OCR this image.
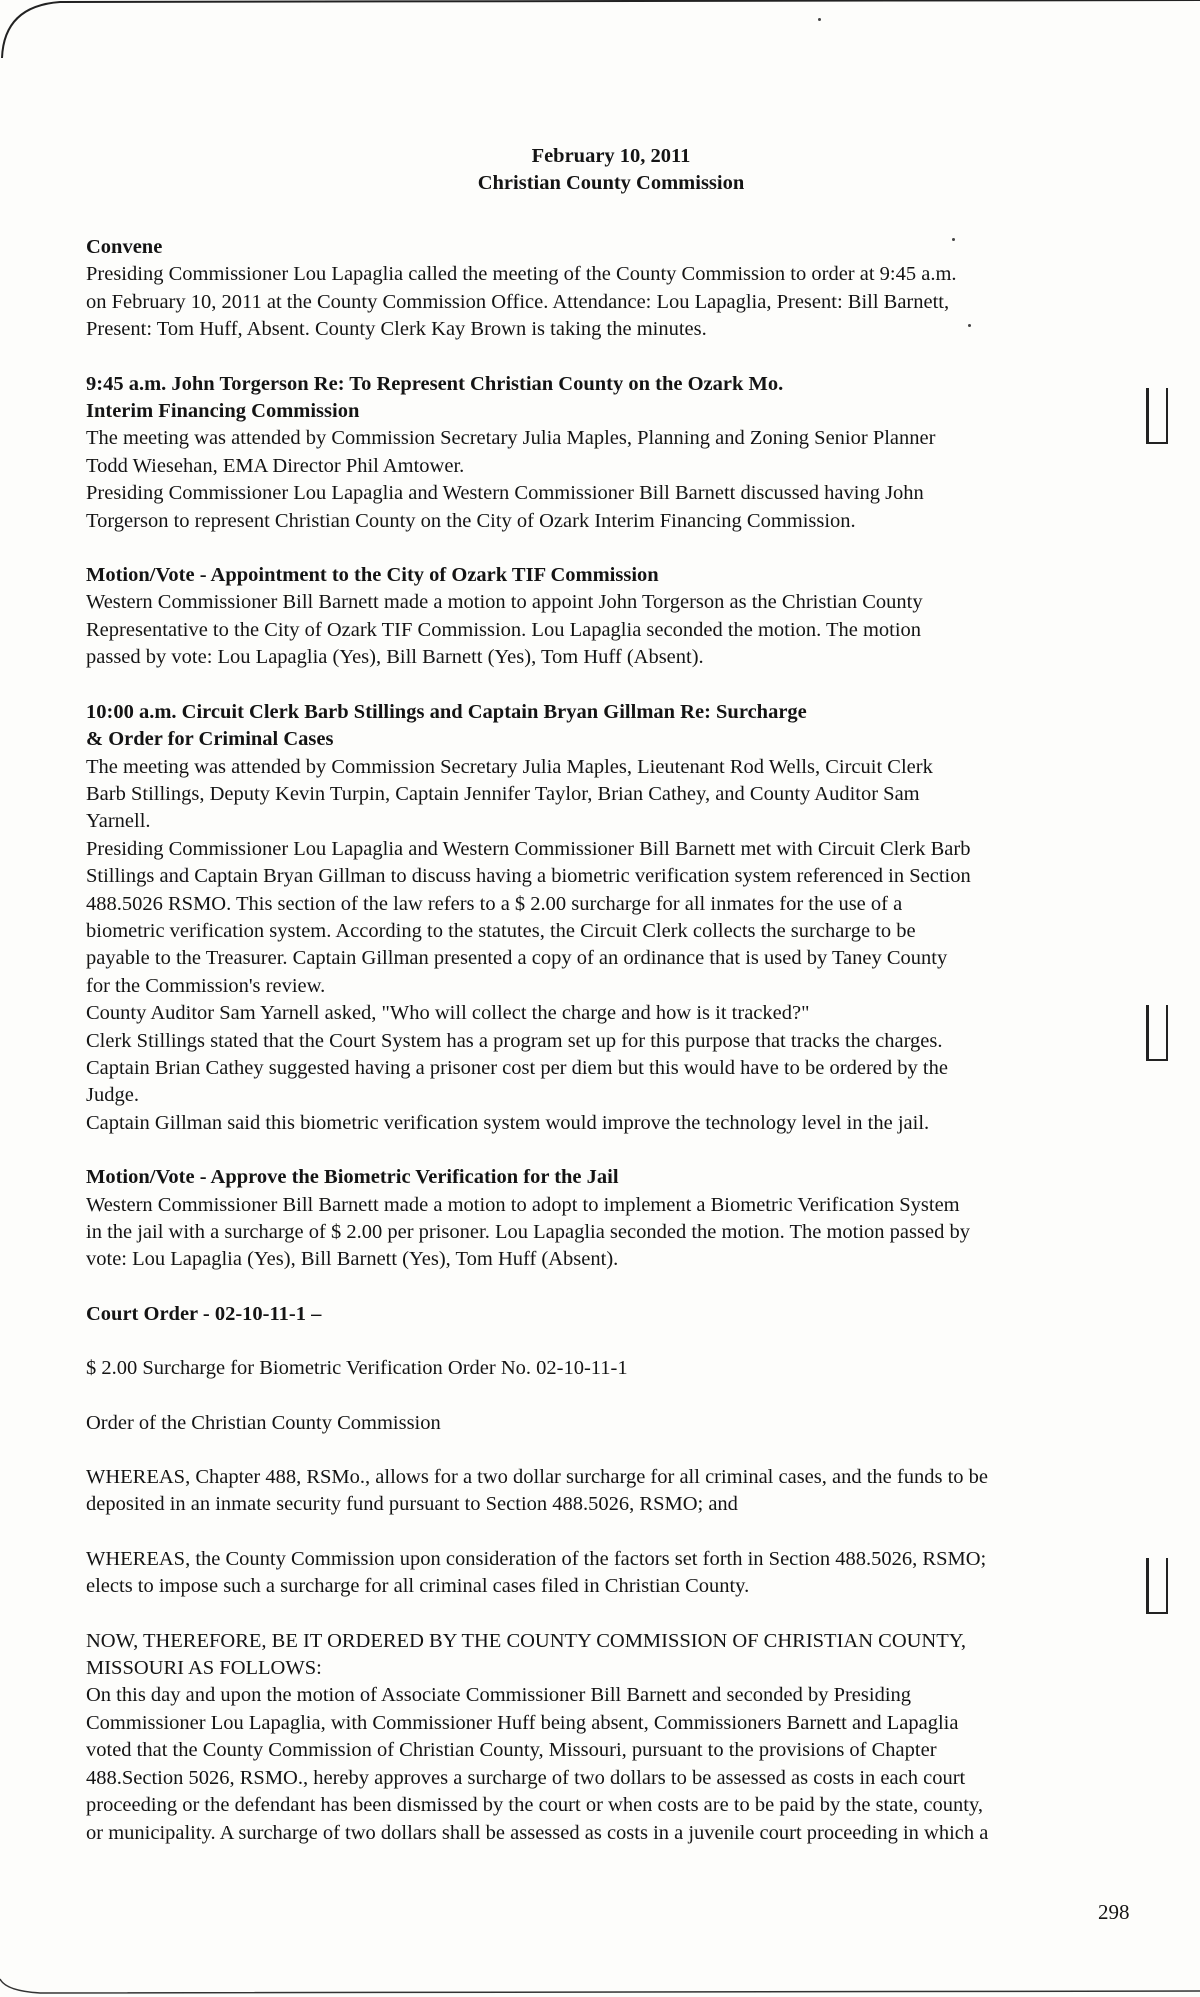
February 10, 2011
Christian County Commission
Convene
Presiding Commissioner Lou Lapaglia called the meeting of the County Commission to order at 9:45 a.m.
on February 10, 2011 at the County Commission Office. Attendance: Lou Lapaglia, Present: Bill Barnett,
Present: Tom Huff, Absent. County Clerk Kay Brown is taking the minutes.
9:45 a.m. John Torgerson Re: To Represent Christian County on the Ozark Mo.
Interim Financing Commission
The meeting was attended by Commission Secretary Julia Maples, Planning and Zoning Senior Planner
Todd Wiesehan, EMA Director Phil Amtower.
Presiding Commissioner Lou Lapaglia and Western Commissioner Bill Barnett discussed having John
Torgerson to represent Christian County on the City of Ozark Interim Financing Commission.
Motion/Vote - Appointment to the City of Ozark TIF Commission
Western Commissioner Bill Barnett made a motion to appoint John Torgerson as the Christian County
Representative to the City of Ozark TIF Commission. Lou Lapaglia seconded the motion. The motion
passed by vote: Lou Lapaglia (Yes), Bill Barnett (Yes), Tom Huff (Absent).
10:00 a.m. Circuit Clerk Barb Stillings and Captain Bryan Gillman Re: Surcharge
& Order for Criminal Cases
The meeting was attended by Commission Secretary Julia Maples, Lieutenant Rod Wells, Circuit Clerk
Barb Stillings, Deputy Kevin Turpin, Captain Jennifer Taylor, Brian Cathey, and County Auditor Sam
Yarnell.
Presiding Commissioner Lou Lapaglia and Western Commissioner Bill Barnett met with Circuit Clerk Barb
Stillings and Captain Bryan Gillman to discuss having a biometric verification system referenced in Section
488.5026 RSMO. This section of the law refers to a $ 2.00 surcharge for all inmates for the use of a
biometric verification system. According to the statutes, the Circuit Clerk collects the surcharge to be
payable to the Treasurer. Captain Gillman presented a copy of an ordinance that is used by Taney County
for the Commission's review.
County Auditor Sam Yarnell asked, "Who will collect the charge and how is it tracked?"
Clerk Stillings stated that the Court System has a program set up for this purpose that tracks the charges.
Captain Brian Cathey suggested having a prisoner cost per diem but this would have to be ordered by the
Judge.
Captain Gillman said this biometric verification system would improve the technology level in the jail.
Motion/Vote - Approve the Biometric Verification for the Jail
Western Commissioner Bill Barnett made a motion to adopt to implement a Biometric Verification System
in the jail with a surcharge of $ 2.00 per prisoner. Lou Lapaglia seconded the motion. The motion passed by
vote: Lou Lapaglia (Yes), Bill Barnett (Yes), Tom Huff (Absent).
Court Order - 02-10-11-1 –
$ 2.00 Surcharge for Biometric Verification Order No. 02-10-11-1
Order of the Christian County Commission
WHEREAS, Chapter 488, RSMo., allows for a two dollar surcharge for all criminal cases, and the funds to be
deposited in an inmate security fund pursuant to Section 488.5026, RSMO; and
WHEREAS, the County Commission upon consideration of the factors set forth in Section 488.5026, RSMO;
elects to impose such a surcharge for all criminal cases filed in Christian County.
NOW, THEREFORE, BE IT ORDERED BY THE COUNTY COMMISSION OF CHRISTIAN COUNTY,
MISSOURI AS FOLLOWS:
On this day and upon the motion of Associate Commissioner Bill Barnett and seconded by Presiding
Commissioner Lou Lapaglia, with Commissioner Huff being absent, Commissioners Barnett and Lapaglia
voted that the County Commission of Christian County, Missouri, pursuant to the provisions of Chapter
488.Section 5026, RSMO., hereby approves a surcharge of two dollars to be assessed as costs in each court
proceeding or the defendant has been dismissed by the court or when costs are to be paid by the state, county,
or municipality. A surcharge of two dollars shall be assessed as costs in a juvenile court proceeding in which a
298
